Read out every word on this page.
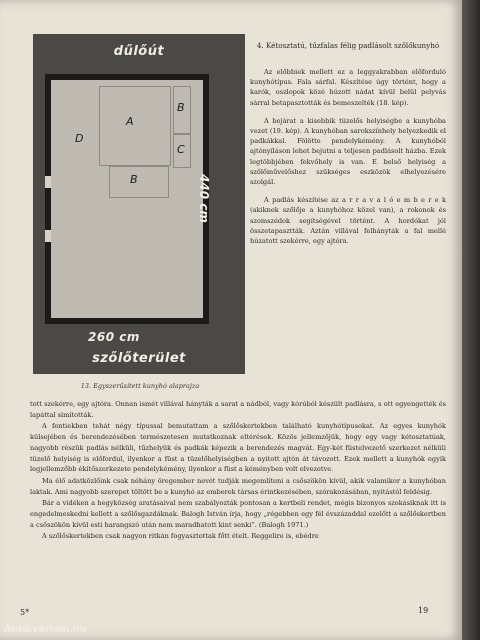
dűlőút
A
B
B
C
D
440 cm
260 cm
szőlőterület
13. Egyszerűsített kunyhó alaprajza
4. Kétosztatú, tűzfalas félig padlásolt szőlőkunyhó

Az előbbiek mellett ez a leggyakrabban előforduló kunyhótípus. Fala sárfal. Készítése úgy történt, hogy a karók, oszlopok közé húzott nádat kívül belül pelyvás sárral betapasztották és bemeszelték (18. kép).

A bejárat a kisebbik tüzelős helyiségbe a kunyhóba vezet (19. kép). A kunyhóban sarokszínhely helyezkedik el padkákkal. Fölötte pendelykémény. A kunyhóból ajtónyíláson lehet bejutni a teljesen padlásolt házba. Ezek legtöbbjében fekvőhely is van. E belső helyiség a szőlőművelőshez szükséges eszközök elhelyezésére szolgál.

A padlás készítése az a r r a v a l ó e m b e r e k (akiknek szőlője a kunyhóhoz közel van), a rokonok és szomszédok segítségével történt. A hordókat jól összetapasztták. Aztán villával felhányták a fal mellé húzatott szekérre, egy ajtóra.

tott szekérre, egy ajtóra. Onnan ismét villával hányták a sarat a nádból, vagy kórúból készült padlásra, s ott egyengették és lapáttal simították.

A fentiekben tehát négy típussal bemutattam a szőlőskertekben található kunyhótípusokat. Az egyes kunyhók külsejében és berendezésében természetesen mutatkoznak eltérések. Közös jellemzőjük, hogy egy vagy kétosztatúak, nagyobb részük padlás nélküli, tűzhelyük és padkák képezik a berendezés magvát. Egy-két füstelvezető szerkezet nélküli tüzelő helyiség is előfordul, ilyenkor a füst a tüzelőhelyiségben a nyitott ajtón át távozott. Ezek mellett a kunyhók egyik legjellemzőbb ékítőszerkezete pendelykémény, ilyenkor a füst a kéményben volt elvezetve.

Ma élő adatközlőink csak néhány öregember nevét tudják megemlíteni a csőszökön kívül, akik valamikor a kunyhóban laktak. Ami nagyobb szerepet töltött be a kunyhó az emberek társas érintkezésében, szórakozásában, nyitástól feldésig.

Bár a vidéken a hegyközség aratásaival nem szabályozták pontosan a kertbeli rendet, mégis bizonyos szokásiknak itt is engedelmeskedni kellett a szőlősgazdáknak. Balogh István írja, hogy „régebben egy fél évszázaddal ezelőtt a szőlőskertben a csőszökön kívül esti harangszó után nem maradhatott kint senki”. (Balogh 1971.)

A szőlőskertekben csak nagyon ritkán fogyasztottak főtt ételt. Reggelire is, ebédre

5*	19
Antikvárium.hu
